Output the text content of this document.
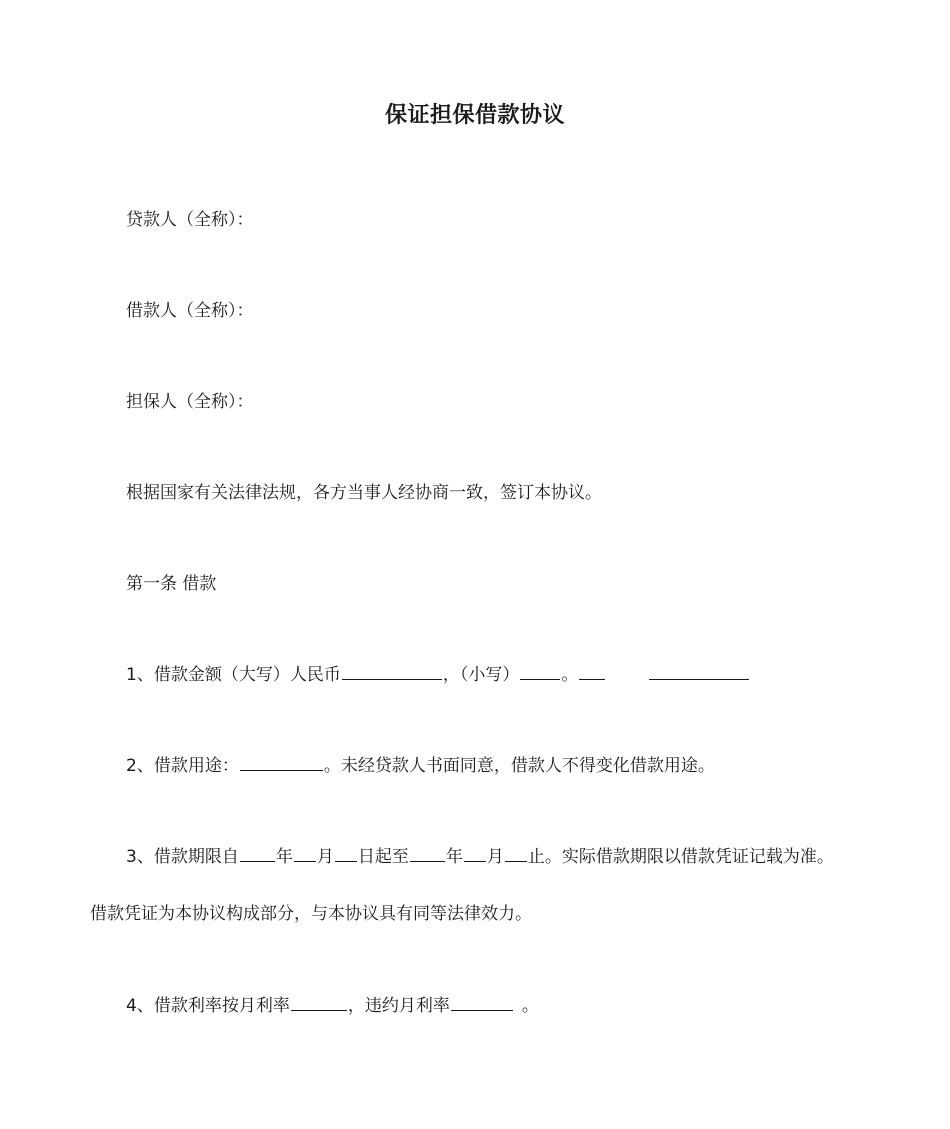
保证担保借款协议
贷款人（全称）：
借款人（全称）：
担保人（全称）：
根据国家有关法律法规，各方当事人经协商一致，签订本协议。
第一条 借款
1、借款金额（大写）人民币	，（小写） 。
2、借款用途：	。未经贷款人书面同意，借款人不得变化借款用途。
3、借款期限自 年 月 日起至 年 月 止。实际借款期限以借款凭证记载为准。
借款凭证为本协议构成部分，与本协议具有同等法律效力。
4、借款利率按月利率	，违约月利率	。
